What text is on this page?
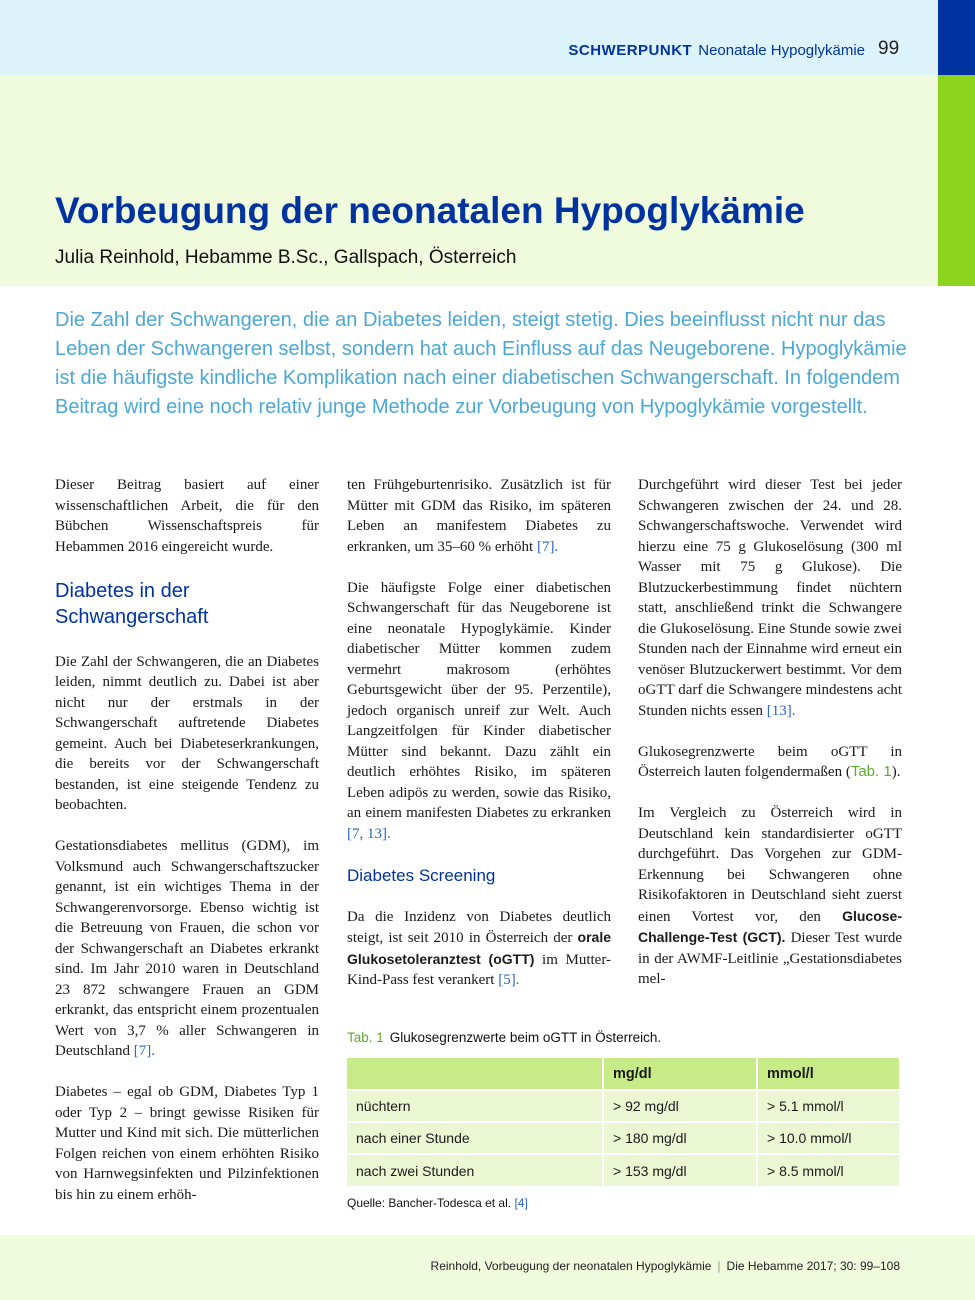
SCHWERPUNKT Neonatale Hypoglykämie 99
Vorbeugung der neonatalen Hypoglykämie
Julia Reinhold, Hebamme B.Sc., Gallspach, Österreich
Die Zahl der Schwangeren, die an Diabetes leiden, steigt stetig. Dies beeinflusst nicht nur das Leben der Schwangeren selbst, sondern hat auch Einfluss auf das Neugeborene. Hypoglykämie ist die häufigste kindliche Komplikation nach einer diabetischen Schwangerschaft. In folgendem Beitrag wird eine noch relativ junge Methode zur Vorbeugung von Hypoglykämie vorgestellt.

Dieser Beitrag basiert auf einer wissenschaftlichen Arbeit, die für den Bübchen Wissenschaftspreis für Hebammen 2016 eingereicht wurde.

Diabetes in der Schwangerschaft

Die Zahl der Schwangeren, die an Diabetes leiden, nimmt deutlich zu. Dabei ist aber nicht nur der erstmals in der Schwangerschaft auftretende Diabetes gemeint. Auch bei Diabeteserkrankungen, die bereits vor der Schwangerschaft bestanden, ist eine steigende Tendenz zu beobachten.

Gestationsdiabetes mellitus (GDM), im Volksmund auch Schwangerschaftszucker genannt, ist ein wichtiges Thema in der Schwangerenvorsorge. Ebenso wichtig ist die Betreuung von Frauen, die schon vor der Schwangerschaft an Diabetes erkrankt sind. Im Jahr 2010 waren in Deutschland 23 872 schwangere Frauen an GDM erkrankt, das entspricht einem prozentualen Wert von 3,7 % aller Schwangeren in Deutschland [7].

Diabetes – egal ob GDM, Diabetes Typ 1 oder Typ 2 – bringt gewisse Risiken für Mutter und Kind mit sich. Die mütterlichen Folgen reichen von einem erhöhten Risiko von Harnwegsinfekten und Pilzinfektionen bis hin zu einem erhöh-

ten Frühgeburtenrisiko. Zusätzlich ist für Mütter mit GDM das Risiko, im späteren Leben an manifestem Diabetes zu erkranken, um 35–60 % erhöht [7].

Die häufigste Folge einer diabetischen Schwangerschaft für das Neugeborene ist eine neonatale Hypoglykämie. Kinder diabetischer Mütter kommen zudem vermehrt makrosom (erhöhtes Geburtsgewicht über der 95. Perzentile), jedoch organisch unreif zur Welt. Auch Langzeitfolgen für Kinder diabetischer Mütter sind bekannt. Dazu zählt ein deutlich erhöhtes Risiko, im späteren Leben adipös zu werden, sowie das Risiko, an einem manifesten Diabetes zu erkranken [7, 13].

Diabetes Screening

Da die Inzidenz von Diabetes deutlich steigt, ist seit 2010 in Österreich der orale Glukosetoleranztest (oGTT) im Mutter-Kind-Pass fest verankert [5].

Durchgeführt wird dieser Test bei jeder Schwangeren zwischen der 24. und 28. Schwangerschaftswoche. Verwendet wird hierzu eine 75 g Glukoselösung (300 ml Wasser mit 75 g Glukose). Die Blutzuckerbestimmung findet nüchtern statt, anschließend trinkt die Schwangere die Glukoselösung. Eine Stunde sowie zwei Stunden nach der Einnahme wird erneut ein venöser Blutzuckerwert bestimmt. Vor dem oGTT darf die Schwangere mindestens acht Stunden nichts essen [13].

Glukosegrenzwerte beim oGTT in Österreich lauten folgendermaßen (Tab. 1).

Im Vergleich zu Österreich wird in Deutschland kein standardisierter oGTT durchgeführt. Das Vorgehen zur GDM-Erkennung bei Schwangeren ohne Risikofaktoren in Deutschland sieht zuerst einen Vortest vor, den Glucose-Challenge-Test (GCT). Dieser Test wurde in der AWMF-Leitlinie „Gestationsdiabetes mel-

Tab. 1 Glukosegrenzwerte beim oGTT in Österreich.
	mg/dl	mmol/l
nüchtern	> 92 mg/dl	> 5.1 mmol/l
nach einer Stunde	> 180 mg/dl	> 10.0 mmol/l
nach zwei Stunden	> 153 mg/dl	> 8.5 mmol/l
Quelle: Bancher-Todesca et al. [4]
Reinhold, Vorbeugung der neonatalen Hypoglykämie | Die Hebamme 2017; 30: 99–108
